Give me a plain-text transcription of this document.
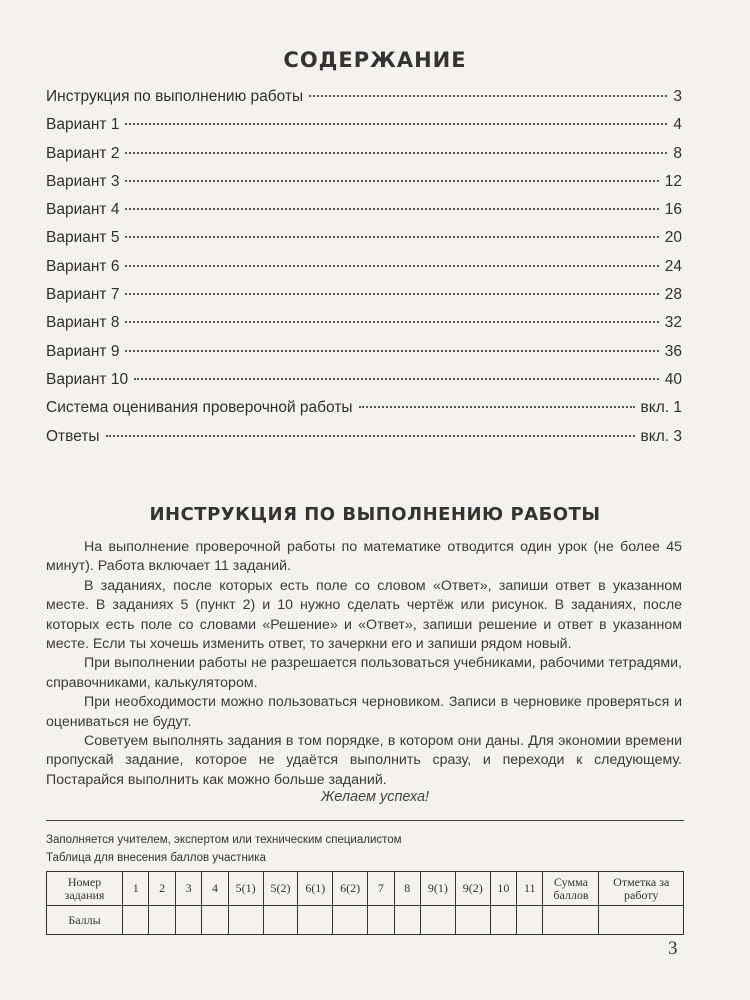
СОДЕРЖАНИЕ
Инструкция по выполнению работы	3
Вариант 1	4
Вариант 2	8
Вариант 3	12
Вариант 4	16
Вариант 5	20
Вариант 6	24
Вариант 7	28
Вариант 8	32
Вариант 9	36
Вариант 10	40
Система оценивания проверочной работы	вкл. 1
Ответы	вкл. 3
ИНСТРУКЦИЯ ПО ВЫПОЛНЕНИЮ РАБОТЫ

На выполнение проверочной работы по математике отводится один урок (не более 45 минут). Работа включает 11 заданий.

В заданиях, после которых есть поле со словом «Ответ», запиши ответ в указанном месте. В заданиях 5 (пункт 2) и 10 нужно сделать чертёж или рисунок. В заданиях, после которых есть поле со словами «Решение» и «Ответ», запиши решение и ответ в указанном месте. Если ты хочешь изменить ответ, то зачеркни его и запиши рядом новый.

При выполнении работы не разрешается пользоваться учебниками, рабочими тетрадями, справочниками, калькулятором.

При необходимости можно пользоваться черновиком. Записи в черновике проверяться и оцениваться не будут.

Советуем выполнять задания в том порядке, в котором они даны. Для экономии времени пропускай задание, которое не удаётся выполнить сразу, и переходи к следующему. Постарайся выполнить как можно больше заданий.

Желаем успеха!
Заполняется учителем, экспертом или техническим специалистом
Таблица для внесения баллов участника
Номер задания	1	2	3	4	5(1)	5(2)	6(1)	6(2)	7	8	9(1)	9(2)	10	11	Сумма баллов	Отметка за работу
Баллы																
3
